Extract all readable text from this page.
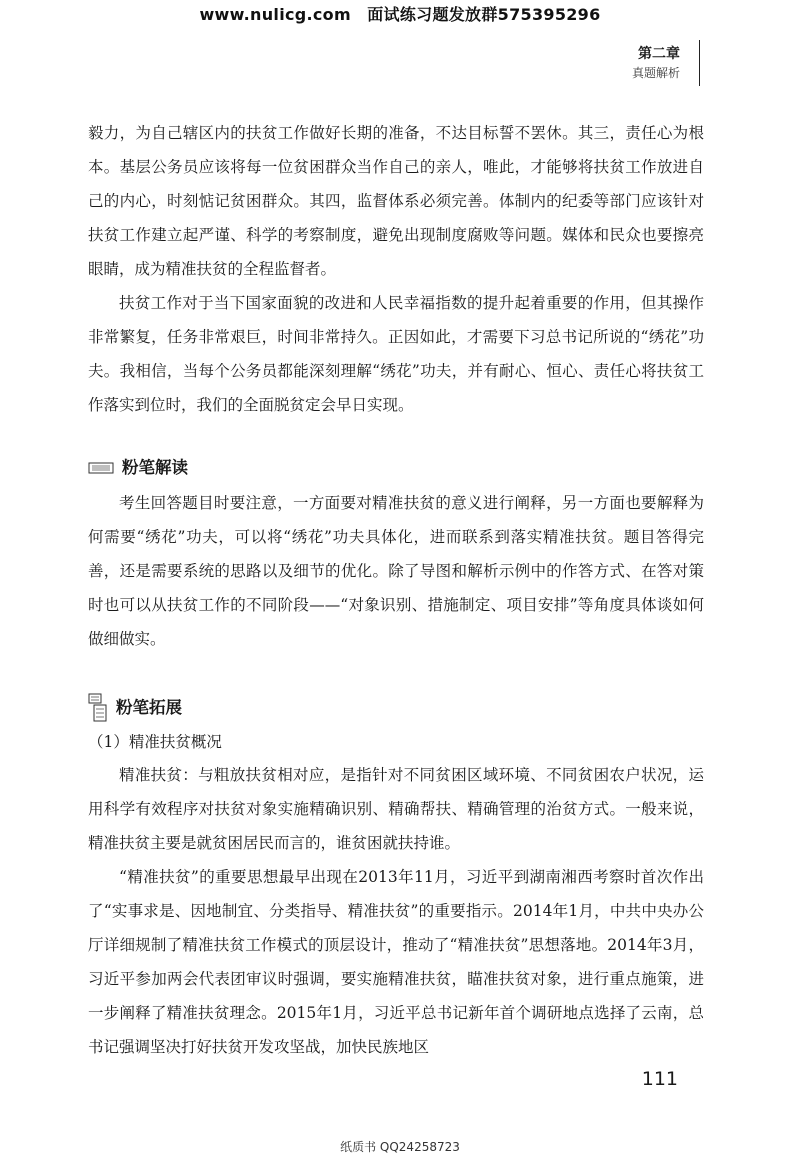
www.nulicg.com　面试练习题发放群575395296
第二章
真题解析

毅力，为自己辖区内的扶贫工作做好长期的准备，不达目标誓不罢休。其三，责任心为根本。基层公务员应该将每一位贫困群众当作自己的亲人，唯此，才能够将扶贫工作放进自己的内心，时刻惦记贫困群众。其四，监督体系必须完善。体制内的纪委等部门应该针对扶贫工作建立起严谨、科学的考察制度，避免出现制度腐败等问题。媒体和民众也要擦亮眼睛，成为精准扶贫的全程监督者。

扶贫工作对于当下国家面貌的改进和人民幸福指数的提升起着重要的作用，但其操作非常繁复，任务非常艰巨，时间非常持久。正因如此，才需要下习总书记所说的“绣花”功夫。我相信，当每个公务员都能深刻理解“绣花”功夫，并有耐心、恒心、责任心将扶贫工作落实到位时，我们的全面脱贫定会早日实现。

粉笔解读

考生回答题目时要注意，一方面要对精准扶贫的意义进行阐释，另一方面也要解释为何需要“绣花”功夫，可以将“绣花”功夫具体化，进而联系到落实精准扶贫。题目答得完善，还是需要系统的思路以及细节的优化。除了导图和解析示例中的作答方式、在答对策时也可以从扶贫工作的不同阶段——“对象识别、措施制定、项目安排”等角度具体谈如何做细做实。

粉笔拓展

（1）精准扶贫概况

精准扶贫：与粗放扶贫相对应，是指针对不同贫困区域环境、不同贫困农户状况，运用科学有效程序对扶贫对象实施精确识别、精确帮扶、精确管理的治贫方式。一般来说，精准扶贫主要是就贫困居民而言的，谁贫困就扶持谁。

“精准扶贫”的重要思想最早出现在2013年11月，习近平到湖南湘西考察时首次作出了“实事求是、因地制宜、分类指导、精准扶贫”的重要指示。2014年1月，中共中央办公厅详细规制了精准扶贫工作模式的顶层设计，推动了“精准扶贫”思想落地。2014年3月，习近平参加两会代表团审议时强调，要实施精准扶贫，瞄准扶贫对象，进行重点施策，进一步阐释了精准扶贫理念。2015年1月，习近平总书记新年首个调研地点选择了云南，总书记强调坚决打好扶贫开发攻坚战，加快民族地区

111
纸质书 QQ24258723
